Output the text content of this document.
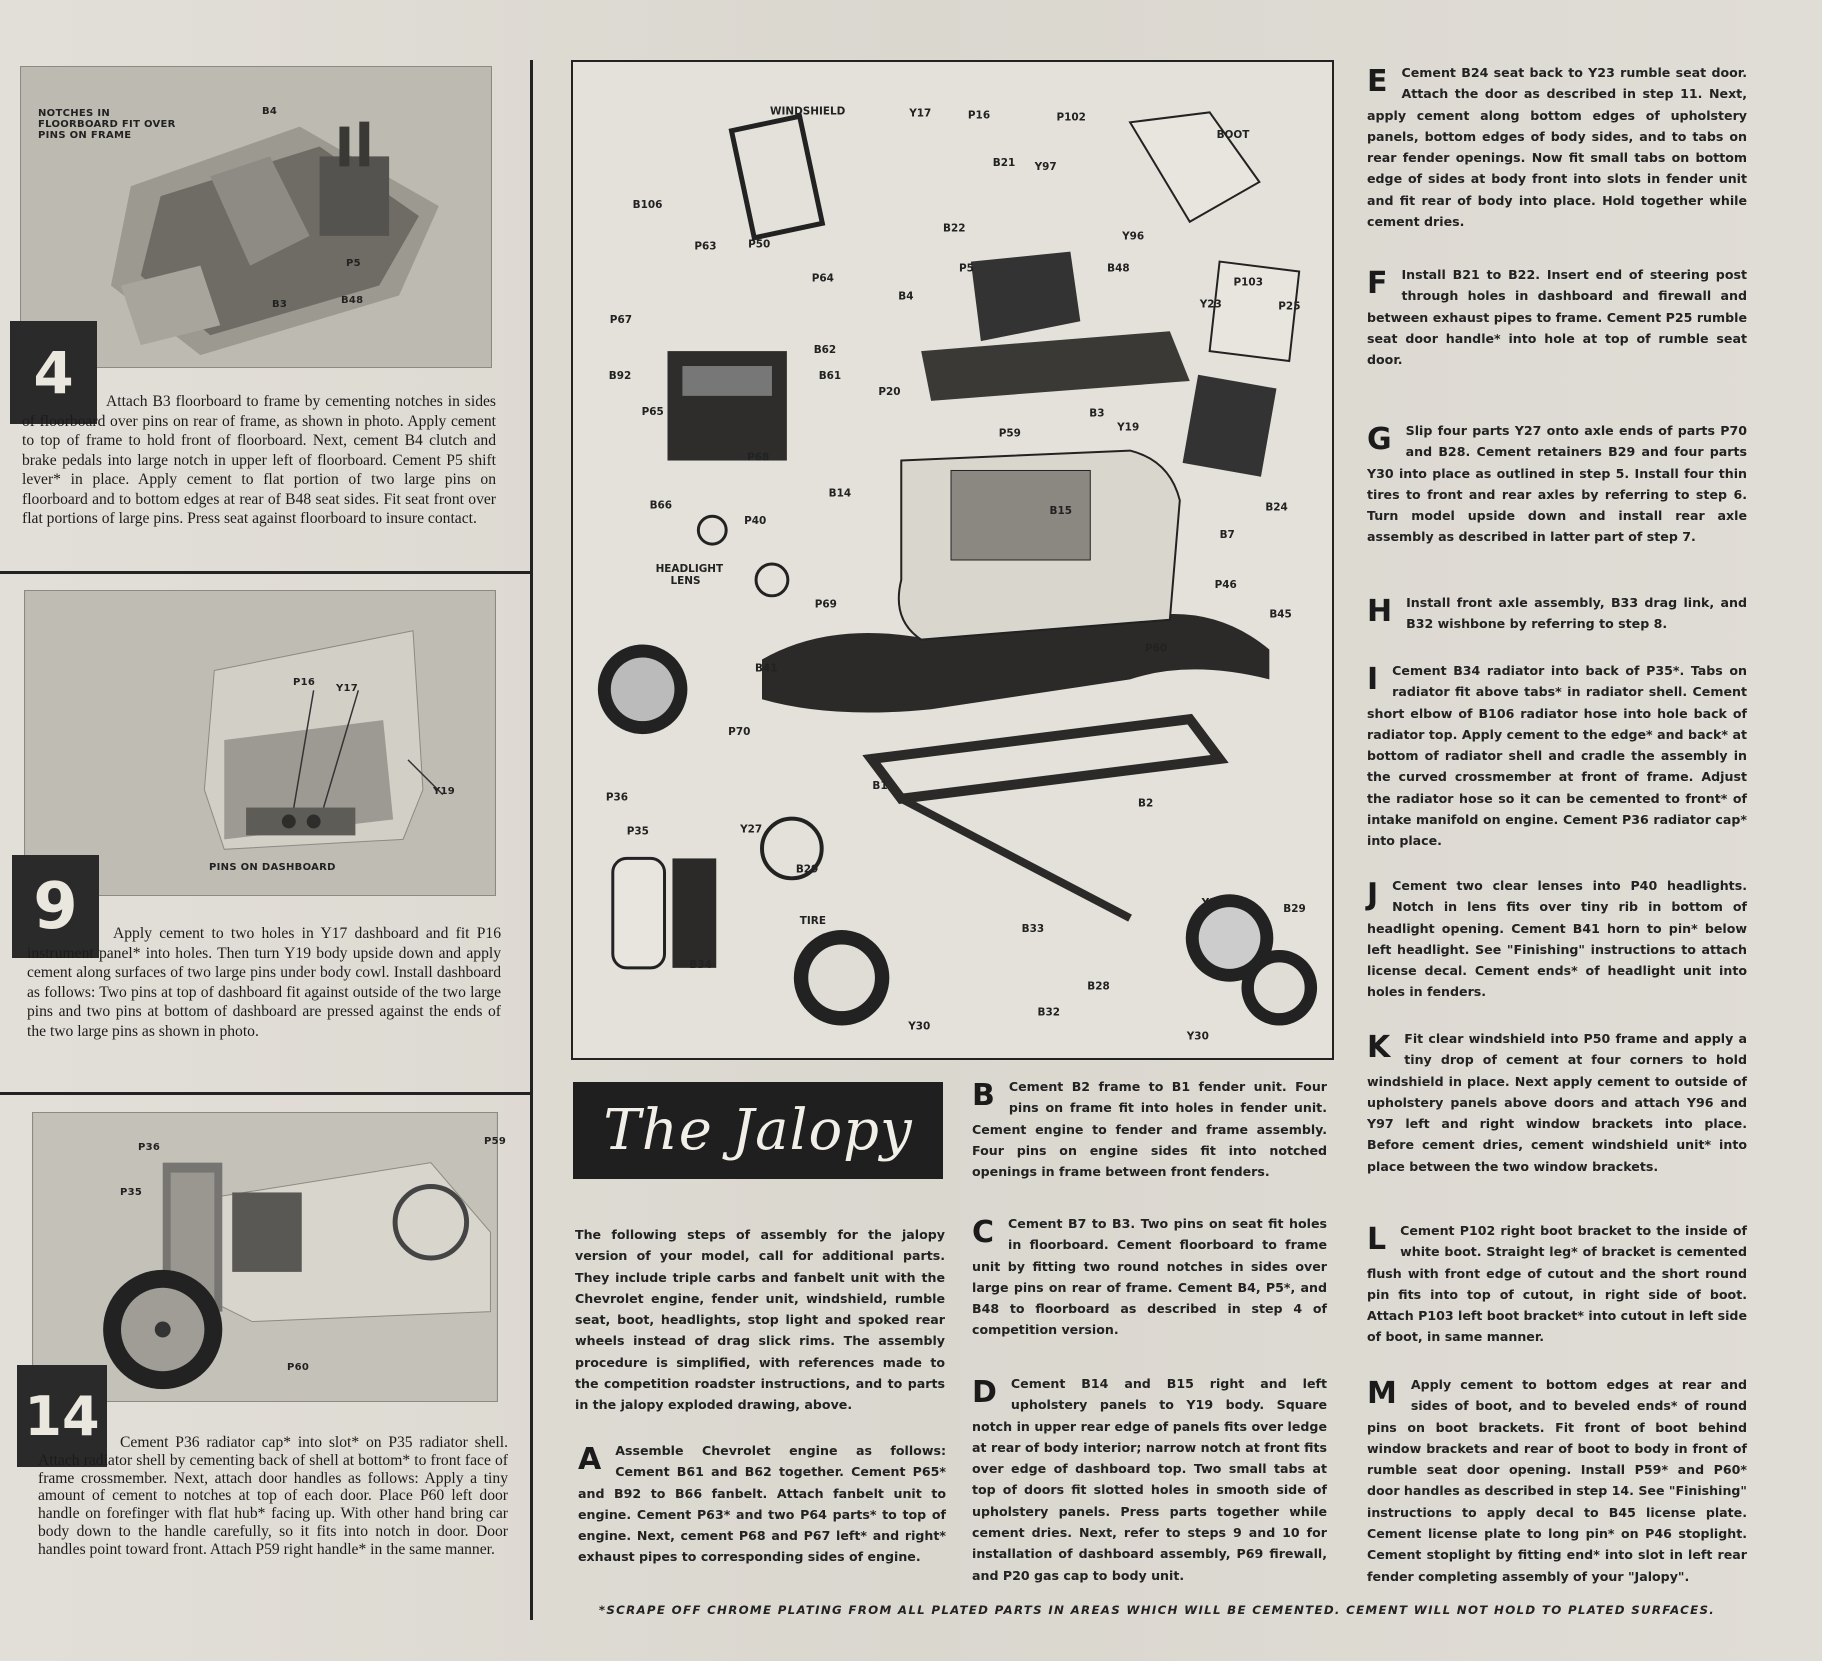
NOTCHES IN
FLOORBOARD FIT OVER
PINS ON FRAME
B4
P5
B3	B48
4	Attach B3 floorboard to frame by cementing notches in sides of floorboard over pins on rear of frame, as shown in photo. Apply cement to top of frame to hold front of floorboard. Next, cement B4 clutch and brake pedals into large notch in upper left of floorboard. Cement P5 shift lever* in place. Apply cement to flat portion of two large pins on floorboard and to bottom edges at rear of B48 seat sides. Fit seat front over flat portions of large pins. Press seat against floorboard to insure contact.
P16
Y17
Y19
PINS ON DASHBOARD
9	Apply cement to two holes in Y17 dashboard and fit P16 instrument panel* into holes. Then turn Y19 body upside down and apply cement along surfaces of two large pins under body cowl. Install dashboard as follows: Two pins at top of dashboard fit against outside of the two large pins and two pins at bottom of dashboard are pressed against the ends of the two large pins as shown in photo.
P36
P35
P59
P60
14	Cement P36 radiator cap* into slot* on P35 radiator shell. Attach radiator shell by cementing back of shell at bottom* to front face of frame crossmember. Next, attach door handles as follows: Apply a tiny amount of cement to notches at top of each door. Place P60 left door handle on forefinger with flat hub* facing up. With other hand bring car body down to the handle carefully, so it fits into notch in door. Door handles point toward front. Attach P59 right handle* in the same manner.
WINDSHIELD	Y17	P16
B21
P102
BOOT
Y97
B106
P50
B22
P63
P64
P5	B48
Y96
P103
B4
Y23	P25
P67
B62
B92	B61
P20
P65	B3
P59	Y19
P68
B14
B15
B7
B24
B66
P40
HEADLIGHT
LENS
P69
P46
B45
B41
P60
P70
B1
B2
P36
P35	Y27
B29
TIRE
B33
B34
B28
B32
Y30
Y27	B29
Y30
The Jalopy
The following steps of assembly for the jalopy version of your model, call for additional parts. They include triple carbs and fanbelt unit with the Chevrolet engine, fender unit, windshield, rumble seat, boot, headlights, stop light and spoked rear wheels instead of drag slick rims. The assembly procedure is simplified, with references made to the competition roadster instructions, and to parts in the jalopy exploded drawing, above.
A Assemble Chevrolet engine as follows: Cement B61 and B62 together. Cement P65* and B92 to B66 fanbelt. Attach fanbelt unit to engine. Cement P63* and two P64 parts* to top of engine. Next, cement P68 and P67 left* and right* exhaust pipes to corresponding sides of engine.
B Cement B2 frame to B1 fender unit. Four pins on frame fit into holes in fender unit. Cement engine to fender and frame assembly. Four pins on engine sides fit into notched openings in frame between front fenders.
C Cement B7 to B3. Two pins on seat fit holes in floorboard. Cement floorboard to frame unit by fitting two round notches in sides over large pins on rear of frame. Cement B4, P5*, and B48 to floorboard as described in step 4 of competition version.
D Cement B14 and B15 right and left upholstery panels to Y19 body. Square notch in upper rear edge of panels fits over ledge at rear of body interior; narrow notch at front fits over edge of dashboard top. Two small tabs at top of doors fit slotted holes in smooth side of upholstery panels. Press parts together while cement dries. Next, refer to steps 9 and 10 for installation of dashboard assembly, P69 firewall, and P20 gas cap to body unit.
E Cement B24 seat back to Y23 rumble seat door. Attach the door as described in step 11. Next, apply cement along bottom edges of upholstery panels, bottom edges of body sides, and to tabs on rear fender openings. Now fit small tabs on bottom edge of sides at body front into slots in fender unit and fit rear of body into place. Hold together while cement dries.
F Install B21 to B22. Insert end of steering post through holes in dashboard and firewall and between exhaust pipes to frame. Cement P25 rumble seat door handle* into hole at top of rumble seat door.
G Slip four parts Y27 onto axle ends of parts P70 and B28. Cement retainers B29 and four parts Y30 into place as outlined in step 5. Install four thin tires to front and rear axles by referring to step 6. Turn model upside down and install rear axle assembly as described in latter part of step 7.
H Install front axle assembly, B33 drag link, and B32 wishbone by referring to step 8.
I Cement B34 radiator into back of P35*. Tabs on radiator fit above tabs* in radiator shell. Cement short elbow of B106 radiator hose into hole back of radiator top. Apply cement to the edge* and back* at bottom of radiator shell and cradle the assembly in the curved crossmember at front of frame. Adjust the radiator hose so it can be cemented to front* of intake manifold on engine. Cement P36 radiator cap* into place.
J Cement two clear lenses into P40 headlights. Notch in lens fits over tiny rib in bottom of headlight opening. Cement B41 horn to pin* below left headlight. See "Finishing" instructions to attach license decal. Cement ends* of headlight unit into holes in fenders.
K Fit clear windshield into P50 frame and apply a tiny drop of cement at four corners to hold windshield in place. Next apply cement to outside of upholstery panels above doors and attach Y96 and Y97 left and right window brackets into place. Before cement dries, cement windshield unit* into place between the two window brackets.
L Cement P102 right boot bracket to the inside of white boot. Straight leg* of bracket is cemented flush with front edge of cutout and the short round pin fits into top of cutout, in right side of boot. Attach P103 left boot bracket* into cutout in left side of boot, in same manner.
M Apply cement to bottom edges at rear and sides of boot, and to beveled ends* of round pins on boot brackets. Fit front of boot behind window brackets and rear of boot to body in front of rumble seat door opening. Install P59* and P60* door handles as described in step 14. See "Finishing" instructions to apply decal to B45 license plate. Cement license plate to long pin* on P46 stoplight. Cement stoplight by fitting end* into slot in left rear fender completing assembly of your "Jalopy".
*SCRAPE OFF CHROME PLATING FROM ALL PLATED PARTS IN AREAS WHICH WILL BE CEMENTED. CEMENT WILL NOT HOLD TO PLATED SURFACES.
